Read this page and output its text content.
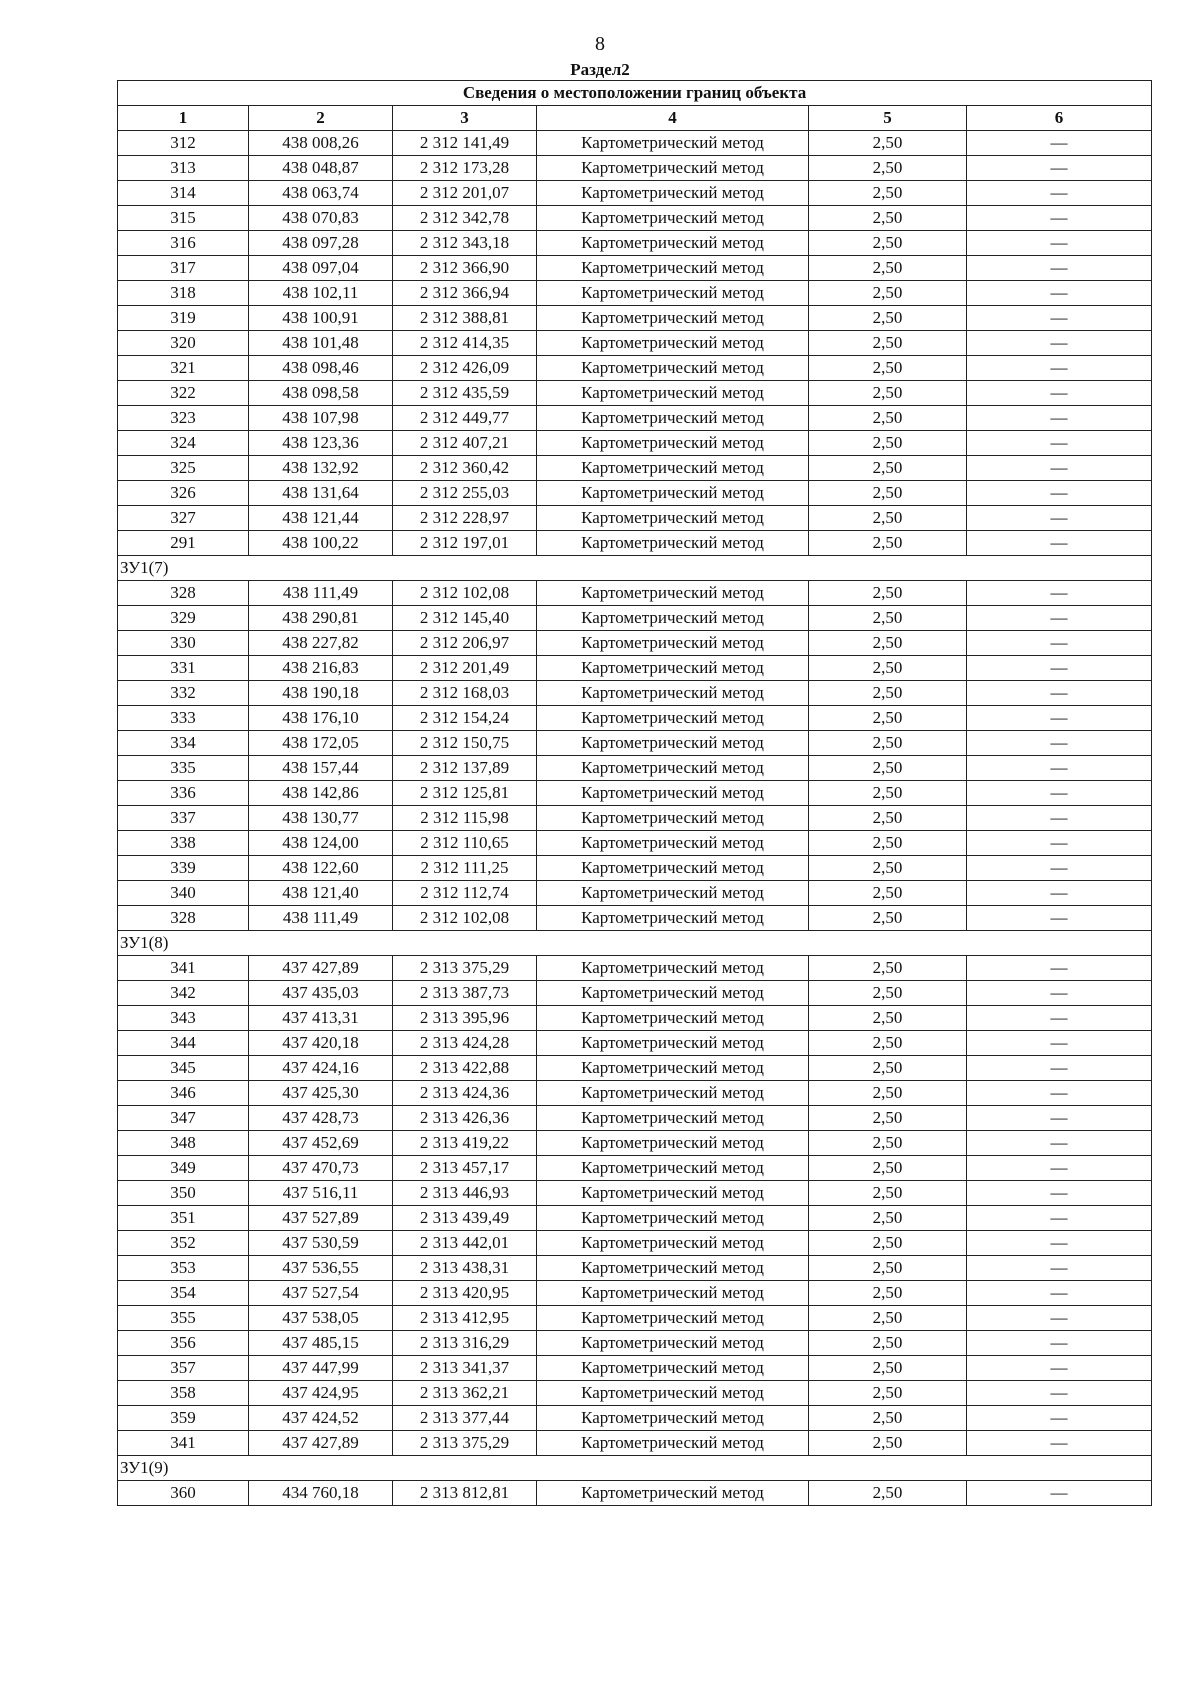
8
Раздел2
Сведения о местоположении границ объекта					
1	2	3	4	5	6
312	438 008,26	2 312 141,49	Картометрический метод	2,50	—
313	438 048,87	2 312 173,28	Картометрический метод	2,50	—
314	438 063,74	2 312 201,07	Картометрический метод	2,50	—
315	438 070,83	2 312 342,78	Картометрический метод	2,50	—
316	438 097,28	2 312 343,18	Картометрический метод	2,50	—
317	438 097,04	2 312 366,90	Картометрический метод	2,50	—
318	438 102,11	2 312 366,94	Картометрический метод	2,50	—
319	438 100,91	2 312 388,81	Картометрический метод	2,50	—
320	438 101,48	2 312 414,35	Картометрический метод	2,50	—
321	438 098,46	2 312 426,09	Картометрический метод	2,50	—
322	438 098,58	2 312 435,59	Картометрический метод	2,50	—
323	438 107,98	2 312 449,77	Картометрический метод	2,50	—
324	438 123,36	2 312 407,21	Картометрический метод	2,50	—
325	438 132,92	2 312 360,42	Картометрический метод	2,50	—
326	438 131,64	2 312 255,03	Картометрический метод	2,50	—
327	438 121,44	2 312 228,97	Картометрический метод	2,50	—
291	438 100,22	2 312 197,01	Картометрический метод	2,50	—
ЗУ1(7)					
328	438 111,49	2 312 102,08	Картометрический метод	2,50	—
329	438 290,81	2 312 145,40	Картометрический метод	2,50	—
330	438 227,82	2 312 206,97	Картометрический метод	2,50	—
331	438 216,83	2 312 201,49	Картометрический метод	2,50	—
332	438 190,18	2 312 168,03	Картометрический метод	2,50	—
333	438 176,10	2 312 154,24	Картометрический метод	2,50	—
334	438 172,05	2 312 150,75	Картометрический метод	2,50	—
335	438 157,44	2 312 137,89	Картометрический метод	2,50	—
336	438 142,86	2 312 125,81	Картометрический метод	2,50	—
337	438 130,77	2 312 115,98	Картометрический метод	2,50	—
338	438 124,00	2 312 110,65	Картометрический метод	2,50	—
339	438 122,60	2 312 111,25	Картометрический метод	2,50	—
340	438 121,40	2 312 112,74	Картометрический метод	2,50	—
328	438 111,49	2 312 102,08	Картометрический метод	2,50	—
ЗУ1(8)					
341	437 427,89	2 313 375,29	Картометрический метод	2,50	—
342	437 435,03	2 313 387,73	Картометрический метод	2,50	—
343	437 413,31	2 313 395,96	Картометрический метод	2,50	—
344	437 420,18	2 313 424,28	Картометрический метод	2,50	—
345	437 424,16	2 313 422,88	Картометрический метод	2,50	—
346	437 425,30	2 313 424,36	Картометрический метод	2,50	—
347	437 428,73	2 313 426,36	Картометрический метод	2,50	—
348	437 452,69	2 313 419,22	Картометрический метод	2,50	—
349	437 470,73	2 313 457,17	Картометрический метод	2,50	—
350	437 516,11	2 313 446,93	Картометрический метод	2,50	—
351	437 527,89	2 313 439,49	Картометрический метод	2,50	—
352	437 530,59	2 313 442,01	Картометрический метод	2,50	—
353	437 536,55	2 313 438,31	Картометрический метод	2,50	—
354	437 527,54	2 313 420,95	Картометрический метод	2,50	—
355	437 538,05	2 313 412,95	Картометрический метод	2,50	—
356	437 485,15	2 313 316,29	Картометрический метод	2,50	—
357	437 447,99	2 313 341,37	Картометрический метод	2,50	—
358	437 424,95	2 313 362,21	Картометрический метод	2,50	—
359	437 424,52	2 313 377,44	Картометрический метод	2,50	—
341	437 427,89	2 313 375,29	Картометрический метод	2,50	—
ЗУ1(9)					
360	434 760,18	2 313 812,81	Картометрический метод	2,50	—
